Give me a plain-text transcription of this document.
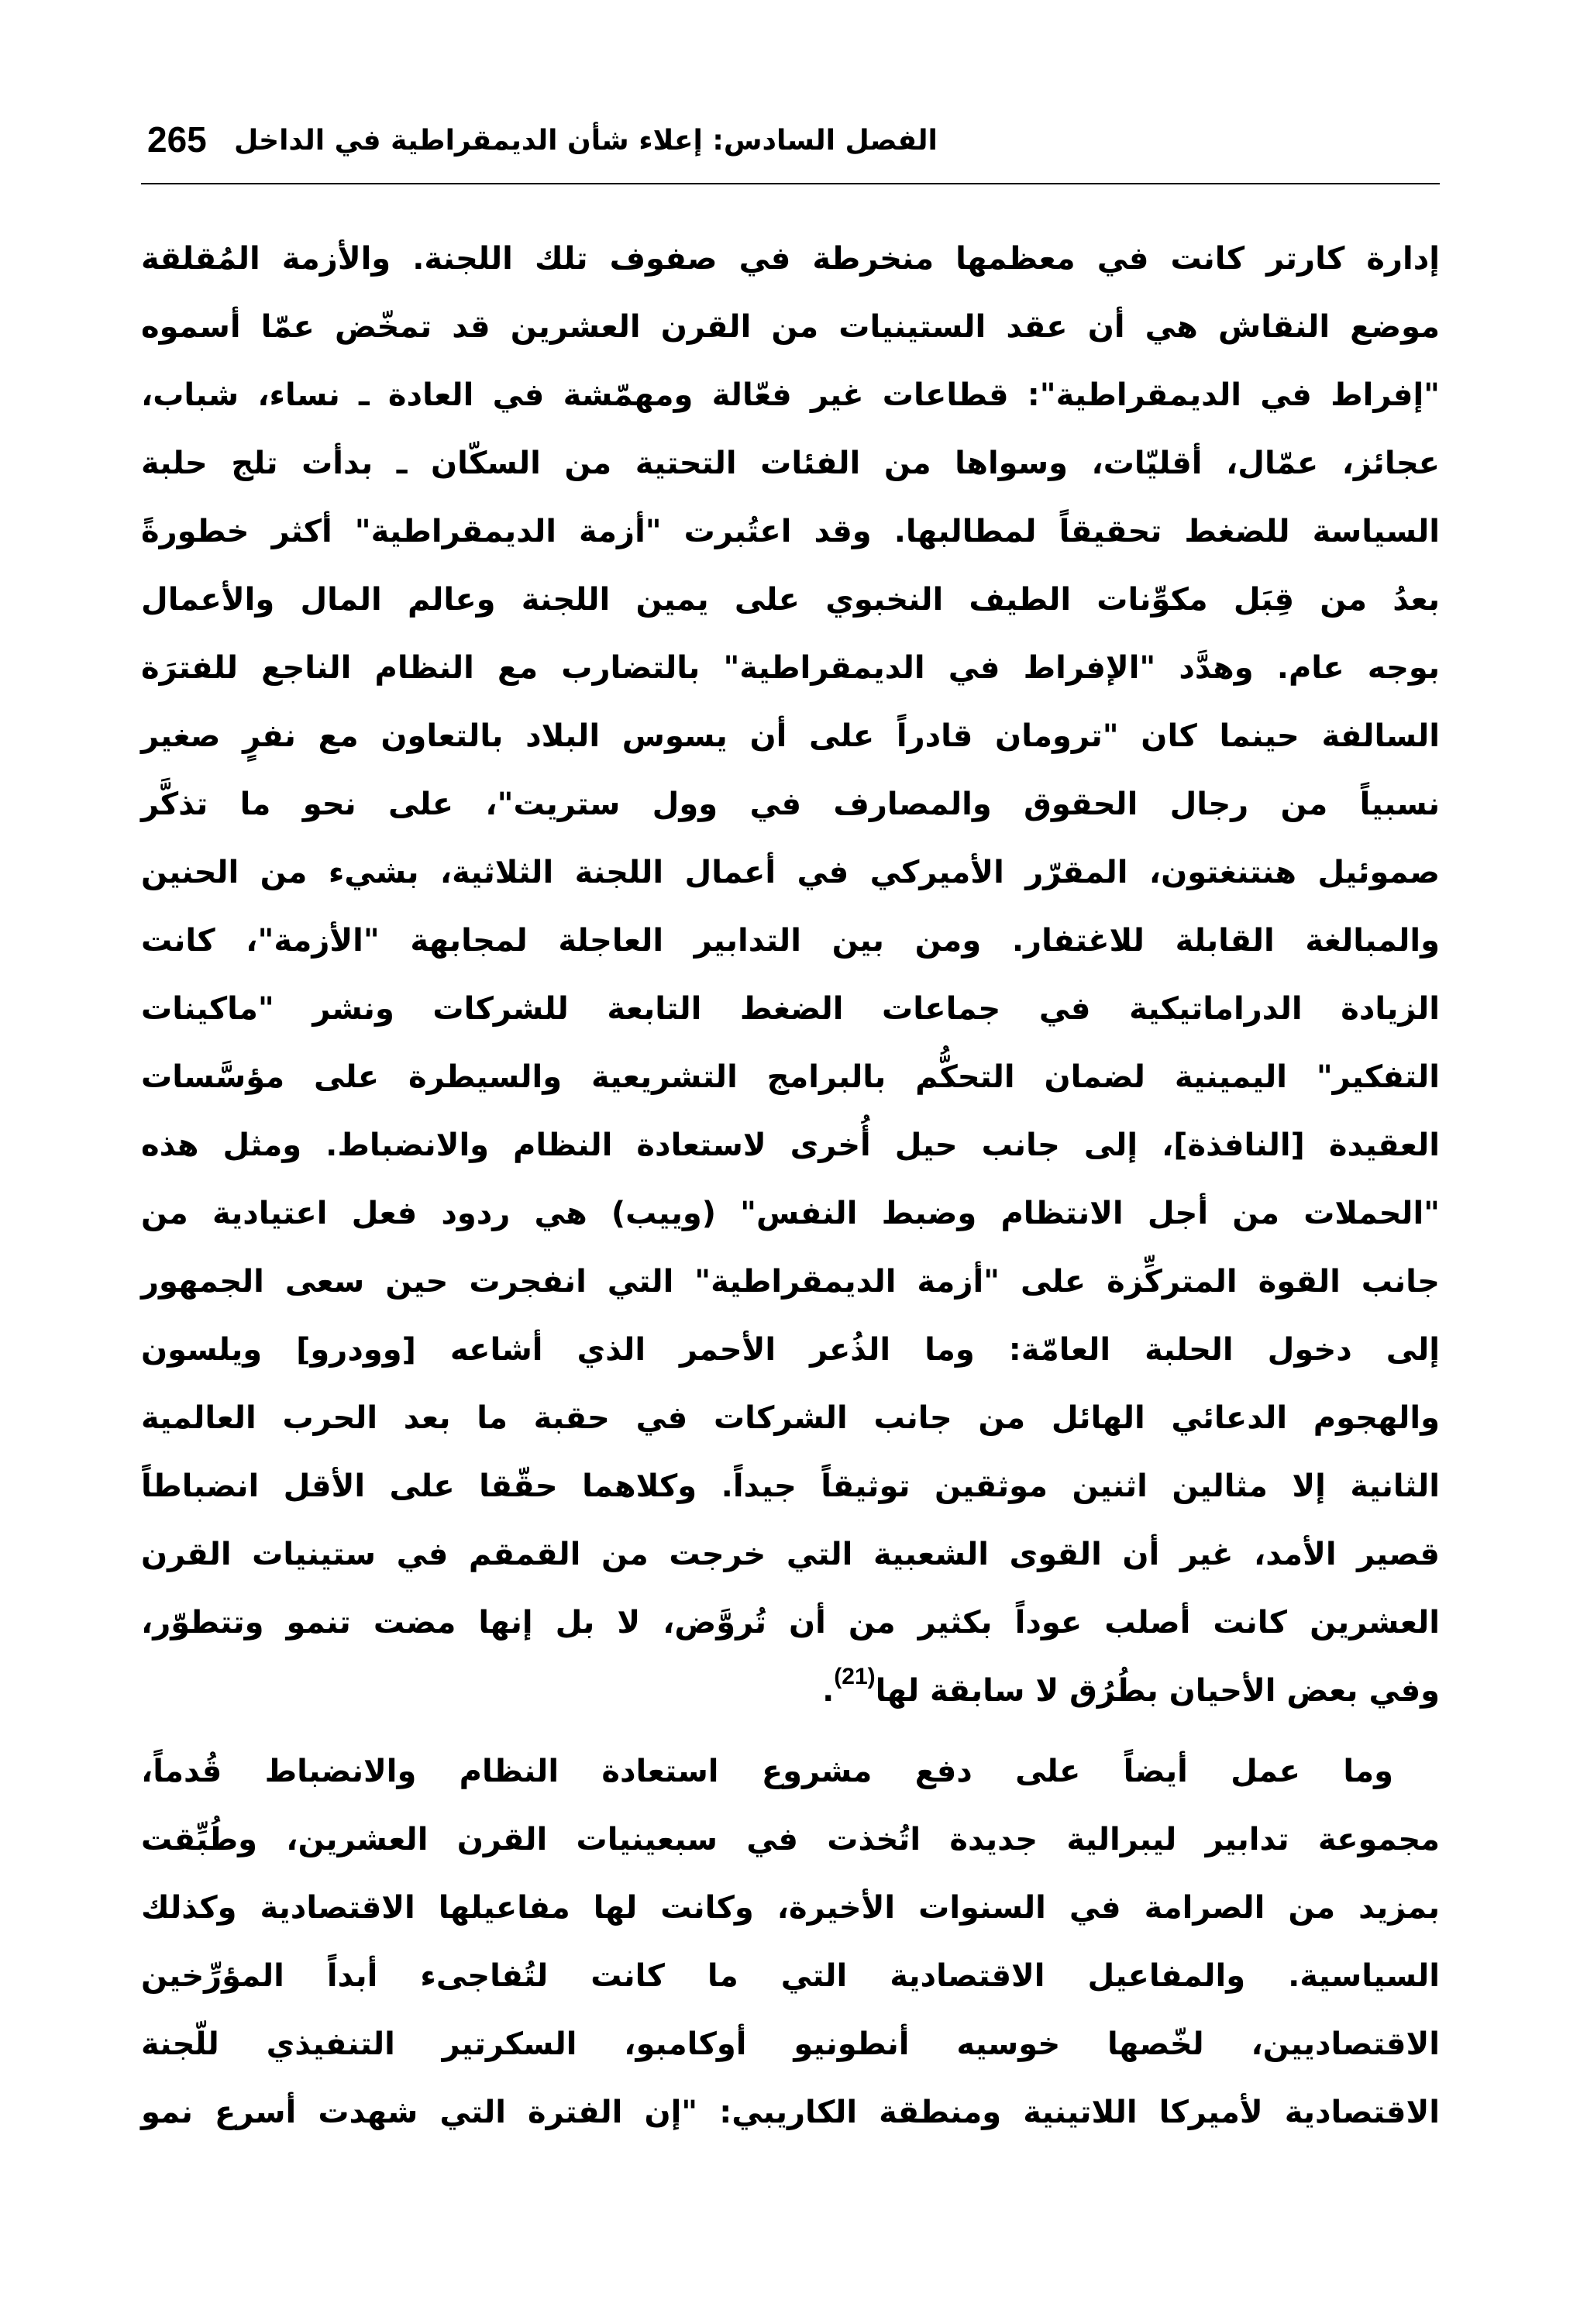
265 الفصل السادس: إعلاء شأن الديمقراطية في الداخل
إدارة كارتر كانت في معظمها منخرطة في صفوف تلك اللجنة. والأزمة المُقلقة
موضع النقاش هي أن عقد الستينيات من القرن العشرين قد تمخّض عمّا أسموه
"إفراط في الديمقراطية": قطاعات غير فعّالة ومهمّشة في العادة ـ نساء، شباب،
عجائز، عمّال، أقليّات، وسواها من الفئات التحتية من السكّان ـ بدأت تلج حلبة
السياسة للضغط تحقيقاً لمطالبها. وقد اعتُبرت "أزمة الديمقراطية" أكثر خطورةً
بعدُ من قِبَل مكوِّنات الطيف النخبوي على يمين اللجنة وعالم المال والأعمال
بوجه عام. وهدَّد "الإفراط في الديمقراطية" بالتضارب مع النظام الناجع للفترَة
السالفة حينما كان "ترومان قادراً على أن يسوس البلاد بالتعاون مع نفرٍ صغير
نسبياً من رجال الحقوق والمصارف في وول ستريت"، على نحو ما تذكَّر
صموئيل هنتنغتون، المقرّر الأميركي في أعمال اللجنة الثلاثية، بشيء من الحنين
والمبالغة القابلة للاغتفار. ومن بين التدابير العاجلة لمجابهة "الأزمة"، كانت
الزيادة الدراماتيكية في جماعات الضغط التابعة للشركات ونشر "ماكينات
التفكير" اليمينية لضمان التحكُّم بالبرامج التشريعية والسيطرة على مؤسَّسات
العقيدة [النافذة]، إلى جانب حيل أُخرى لاستعادة النظام والانضباط. ومثل هذه
"الحملات من أجل الانتظام وضبط النفس" (وييب) هي ردود فعل اعتيادية من
جانب القوة المتركِّزة على "أزمة الديمقراطية" التي انفجرت حين سعى الجمهور
إلى دخول الحلبة العامّة: وما الذُعر الأحمر الذي أشاعه [وودرو] ويلسون
والهجوم الدعائي الهائل من جانب الشركات في حقبة ما بعد الحرب العالمية
الثانية إلا مثالين اثنين موثقين توثيقاً جيداً. وكلاهما حقّقا على الأقل انضباطاً
قصير الأمد، غير أن القوى الشعبية التي خرجت من القمقم في ستينيات القرن
العشرين كانت أصلب عوداً بكثير من أن تُروَّض، لا بل إنها مضت تنمو وتتطوّر،
وفي بعض الأحيان بطُرُق لا سابقة لها$^{(21)}$.
وما عمل أيضاً على دفع مشروع استعادة النظام والانضباط قُدماً،
مجموعة تدابير ليبرالية جديدة اتُخذت في سبعينيات القرن العشرين، وطُبِّقت
بمزيد من الصرامة في السنوات الأخيرة، وكانت لها مفاعيلها الاقتصادية وكذلك
السياسية. والمفاعيل الاقتصادية التي ما كانت لتُفاجىء أبداً المؤرِّخين
الاقتصاديين، لخّصها خوسيه أنطونيو أوكامبو، السكرتير التنفيذي للّجنة
الاقتصادية لأميركا اللاتينية ومنطقة الكاريبي: "إن الفترة التي شهدت أسرع نمو
